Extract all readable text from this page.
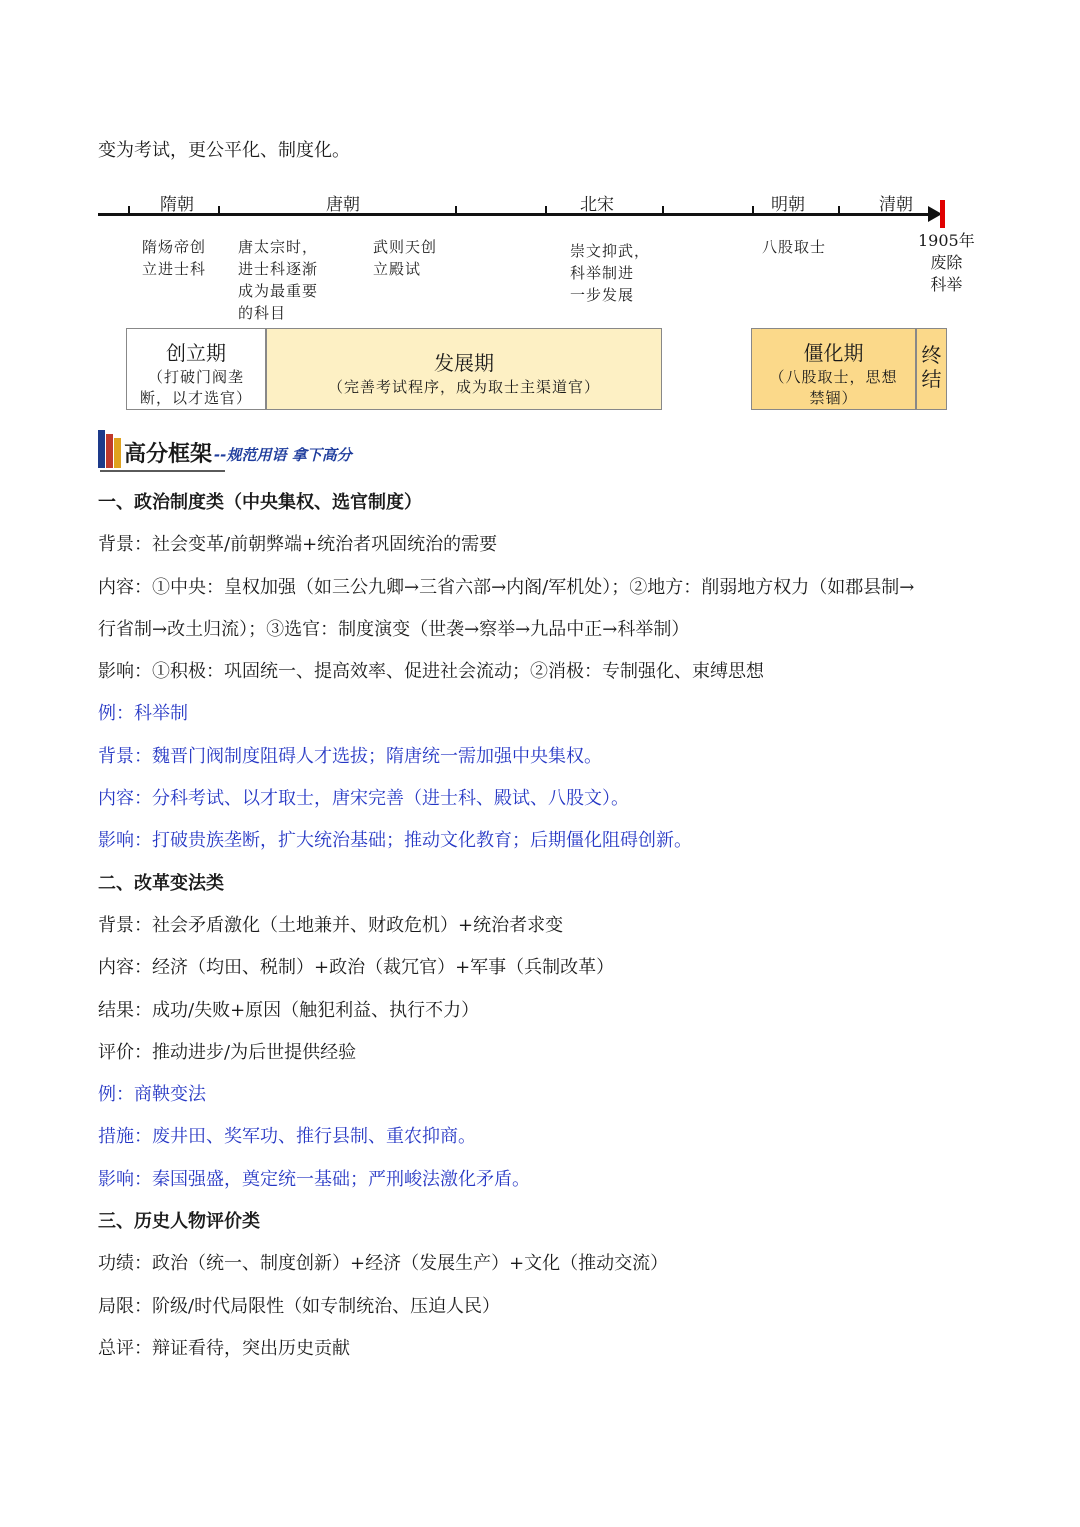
变为考试，更公平化、制度化。
隋朝	唐朝	北宋	明朝	清朝
隋炀帝创
立进士科
唐太宗时，
进士科逐渐
成为最重要
的科目
武则天创
立殿试
崇文抑武，
科举制进
一步发展
八股取士	1905年
废除
科举
创立期
（打破门阀垄
断，以才选官）
发展期
（完善考试程序，成为取士主渠道官）
僵化期
（八股取士，思想
禁锢）
终
结
高分框架 --规范用语 拿下高分
一、政治制度类（中央集权、选官制度）
背景：社会变革/前朝弊端+统治者巩固统治的需要
内容：①中央：皇权加强（如三公九卿→三省六部→内阁/军机处）；②地方：削弱地方权力（如郡县制→
行省制→改土归流）；③选官：制度演变（世袭→察举→九品中正→科举制）
影响：①积极：巩固统一、提高效率、促进社会流动；②消极：专制强化、束缚思想
例：科举制
背景：魏晋门阀制度阻碍人才选拔；隋唐统一需加强中央集权。
内容：分科考试、以才取士，唐宋完善（进士科、殿试、八股文）。
影响：打破贵族垄断，扩大统治基础；推动文化教育；后期僵化阻碍创新。
二、改革变法类
背景：社会矛盾激化（土地兼并、财政危机）+统治者求变
内容：经济（均田、税制）+政治（裁冗官）+军事（兵制改革）
结果：成功/失败+原因（触犯利益、执行不力）
评价：推动进步/为后世提供经验
例：商鞅变法
措施：废井田、奖军功、推行县制、重农抑商。
影响：秦国强盛，奠定统一基础；严刑峻法激化矛盾。
三、历史人物评价类
功绩：政治（统一、制度创新）+经济（发展生产）+文化（推动交流）
局限：阶级/时代局限性（如专制统治、压迫人民）
总评：辩证看待，突出历史贡献
